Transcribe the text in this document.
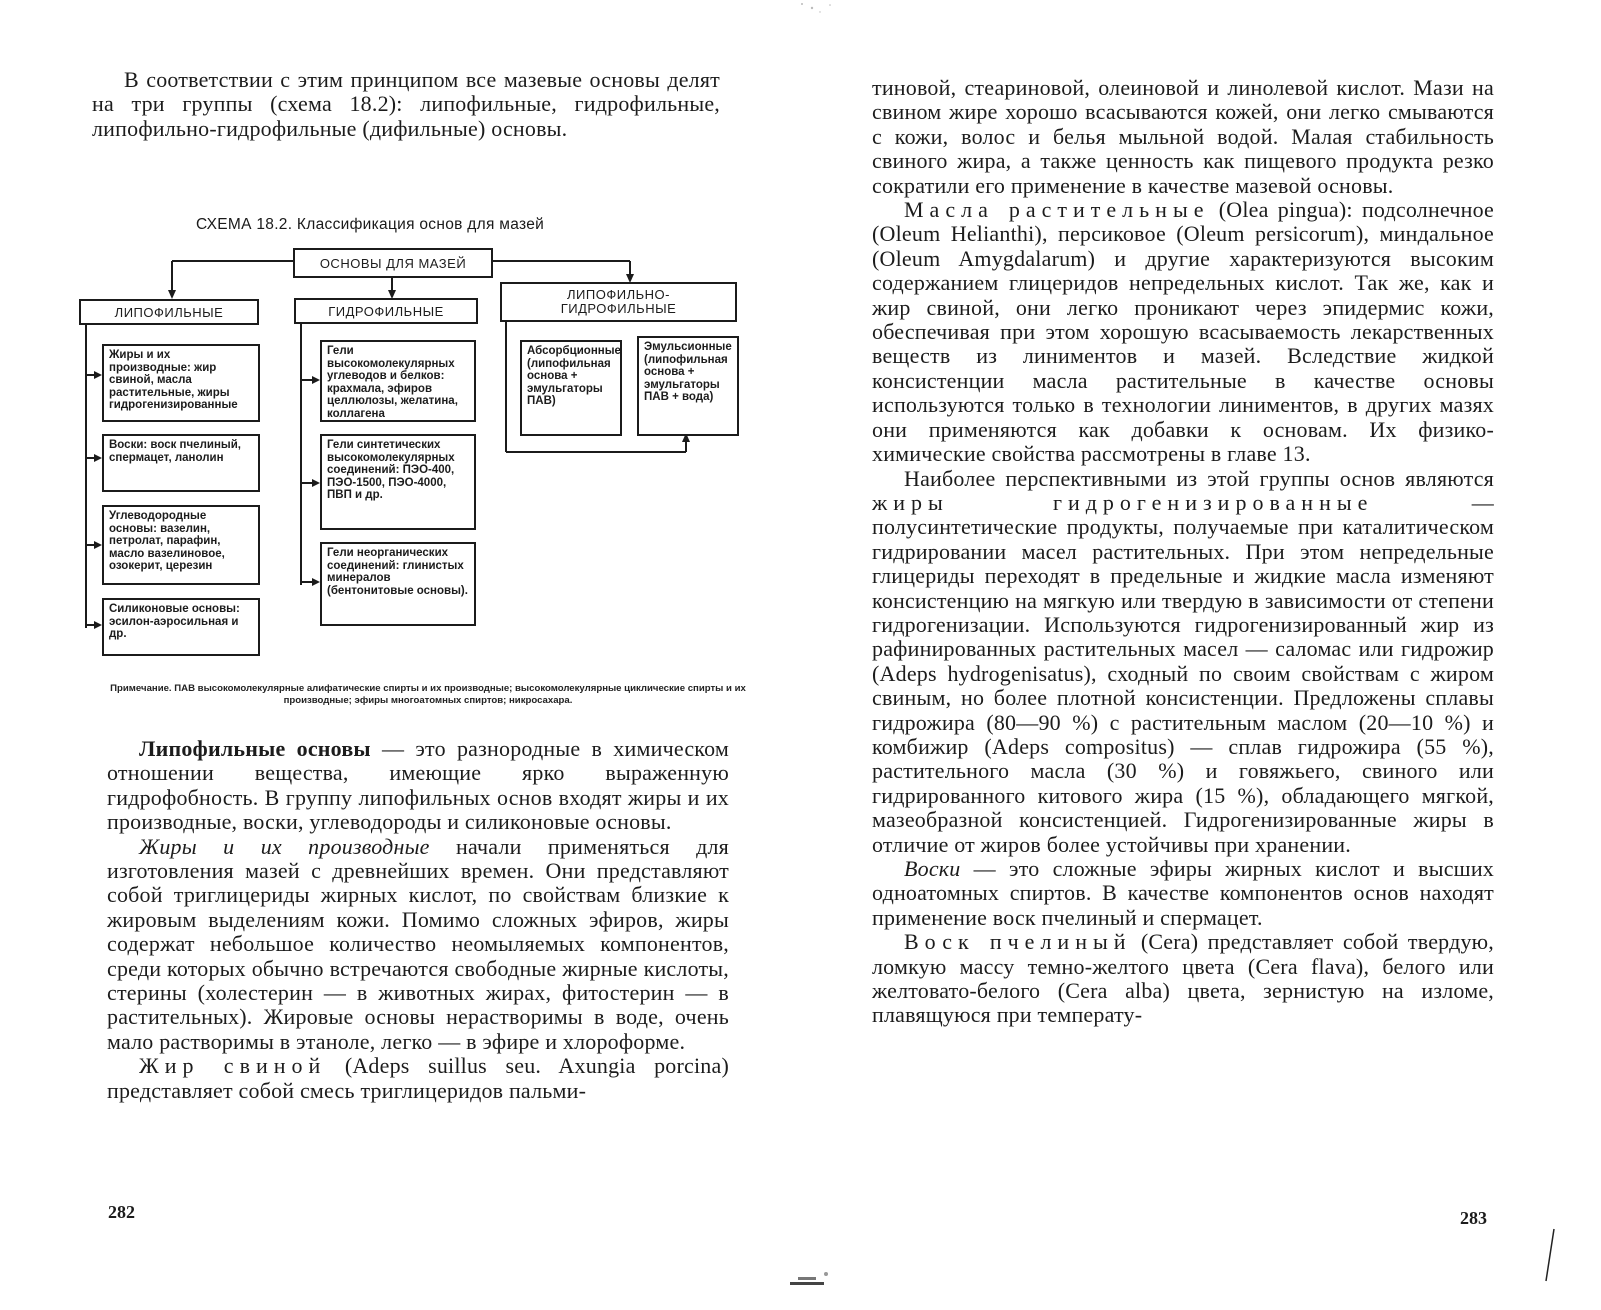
В соответствии с этим принципом все мазевые основы делят на три группы (схема 18.2): липофильные, гидрофильные, липофильно-гидрофильные (дифильные) основы.

СХЕМА 18.2. Классификация основ для мазей
ОСНОВЫ ДЛЯ МАЗЕЙ
ЛИПОФИЛЬНЫЕ	ГИДРОФИЛЬНЫЕ
ЛИПОФИЛЬНО-ГИДРОФИЛЬНЫЕ
Жиры и их производные: жир свиной, масла растительные, жиры гидрогенизированные
Воски: воск пчелиный, спермацет, ланолин
Углеводородные основы: вазелин, петролат, парафин, масло вазелиновое, озокерит, церезин
Силиконовые основы: эсилон-аэросильная и др.
Гели высокомолекулярных углеводов и белков: крахмала, эфиров целлюлозы, желатина, коллагена
Гели синтетических высокомолекулярных соединений: ПЭО-400, ПЭО-1500, ПЭО-4000, ПВП и др.
Гели неорганических соединений: глинистых минералов (бентонитовые основы).
Абсорбционные (липофильная основа + эмульгаторы ПАВ)
Эмульсионные (липофильная основа + эмульгаторы ПАВ + вода)
Примечание. ПАВ высокомолекулярные алифатические спирты и их производные; высокомолекулярные циклические спирты и их производные; эфиры многоатомных спиртов; никросахара.

Липофильные основы — это разнородные в химическом отношении вещества, имеющие ярко выраженную гидрофобность. В группу липофильных основ входят жиры и их производные, воски, углеводороды и силиконовые основы.

Жиры и их производные начали применяться для изготовления мазей с древнейших времен. Они представляют собой триглицериды жирных кислот, по свойствам близкие к жировым выделениям кожи. Помимо сложных эфиров, жиры содержат небольшое количество неомыляемых компонентов, среди которых обычно встречаются свободные жирные кислоты, стерины (холестерин — в животных жирах, фитостерин — в растительных). Жировые основы нерастворимы в воде, очень мало растворимы в этаноле, легко — в эфире и хлороформе.

Жир свиной (Adeps suillus seu. Axungia porcina) представляет собой смесь триглицеридов пальми-

282

тиновой, стеариновой, олеиновой и линолевой кислот. Мази на свином жире хорошо всасываются кожей, они легко смываются с кожи, волос и белья мыльной водой. Малая стабильность свиного жира, а также ценность как пищевого продукта резко сократили его применение в качестве мазевой основы.

Масла растительные (Olea pingua): подсолнечное (Oleum Helianthi), персиковое (Oleum persicorum), миндальное (Oleum Amygdalarum) и другие характеризуются высоким содержанием глицеридов непредельных кислот. Так же, как и жир свиной, они легко проникают через эпидермис кожи, обеспечивая при этом хорошую всасываемость лекарственных веществ из линиментов и мазей. Вследствие жидкой консистенции масла растительные в качестве основы используются только в технологии линиментов, в других мазях они применяются как добавки к основам. Их физико-химические свойства рассмотрены в главе 13.

Наиболее перспективными из этой группы основ являются жиры гидрогенизированные — полусинтетические продукты, получаемые при каталитическом гидрировании масел растительных. При этом непредельные глицериды переходят в предельные и жидкие масла изменяют консистенцию на мягкую или твердую в зависимости от степени гидрогенизации. Используются гидрогенизированный жир из рафинированных растительных масел — саломас или гидрожир (Adeps hydrogenisatus), сходный по своим свойствам с жиром свиным, но более плотной консистенции. Предложены сплавы гидрожира (80—90 %) с растительным маслом (20—10 %) и комбижир (Adeps compositus) — сплав гидрожира (55 %), растительного масла (30 %) и говяжьего, свиного или гидрированного китового жира (15 %), обладающего мягкой, мазеобразной консистенцией. Гидрогенизированные жиры в отличие от жиров более устойчивы при хранении.

Воски — это сложные эфиры жирных кислот и высших одноатомных спиртов. В качестве компонентов основ находят применение воск пчелиный и спермацет.

Воск пчелиный (Cera) представляет собой твердую, ломкую массу темно-желтого цвета (Cera flava), белого или желтовато-белого (Cera alba) цвета, зернистую на изломе, плавящуюся при температу-

283
